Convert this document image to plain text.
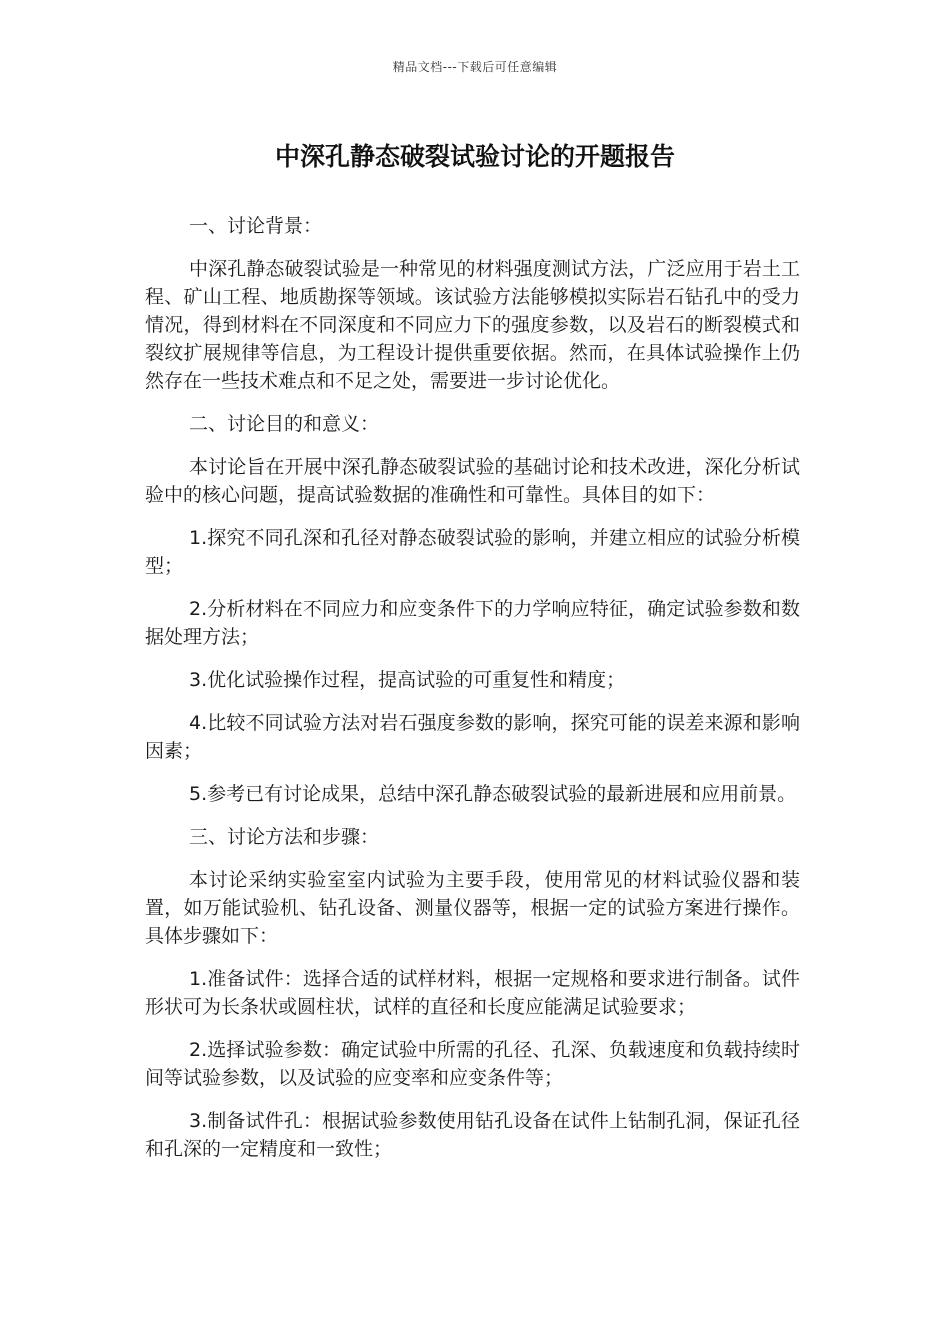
精品文档---下载后可任意编辑
中深孔静态破裂试验讨论的开题报告

一、讨论背景：

中深孔静态破裂试验是一种常见的材料强度测试方法，广泛应用于岩土工程、矿山工程、地质勘探等领域。该试验方法能够模拟实际岩石钻孔中的受力情况，得到材料在不同深度和不同应力下的强度参数，以及岩石的断裂模式和裂纹扩展规律等信息，为工程设计提供重要依据。然而，在具体试验操作上仍然存在一些技术难点和不足之处，需要进一步讨论优化。

二、讨论目的和意义：

本讨论旨在开展中深孔静态破裂试验的基础讨论和技术改进，深化分析试验中的核心问题，提高试验数据的准确性和可靠性。具体目的如下：

1.探究不同孔深和孔径对静态破裂试验的影响，并建立相应的试验分析模型；

2.分析材料在不同应力和应变条件下的力学响应特征，确定试验参数和数据处理方法；

3.优化试验操作过程，提高试验的可重复性和精度；

4.比较不同试验方法对岩石强度参数的影响，探究可能的误差来源和影响因素；

5.参考已有讨论成果，总结中深孔静态破裂试验的最新进展和应用前景。

三、讨论方法和步骤：

本讨论采纳实验室室内试验为主要手段，使用常见的材料试验仪器和装置，如万能试验机、钻孔设备、测量仪器等，根据一定的试验方案进行操作。具体步骤如下：

1.准备试件：选择合适的试样材料，根据一定规格和要求进行制备。试件形状可为长条状或圆柱状，试样的直径和长度应能满足试验要求；

2.选择试验参数：确定试验中所需的孔径、孔深、负载速度和负载持续时间等试验参数，以及试验的应变率和应变条件等；

3.制备试件孔：根据试验参数使用钻孔设备在试件上钻制孔洞，保证孔径和孔深的一定精度和一致性；
